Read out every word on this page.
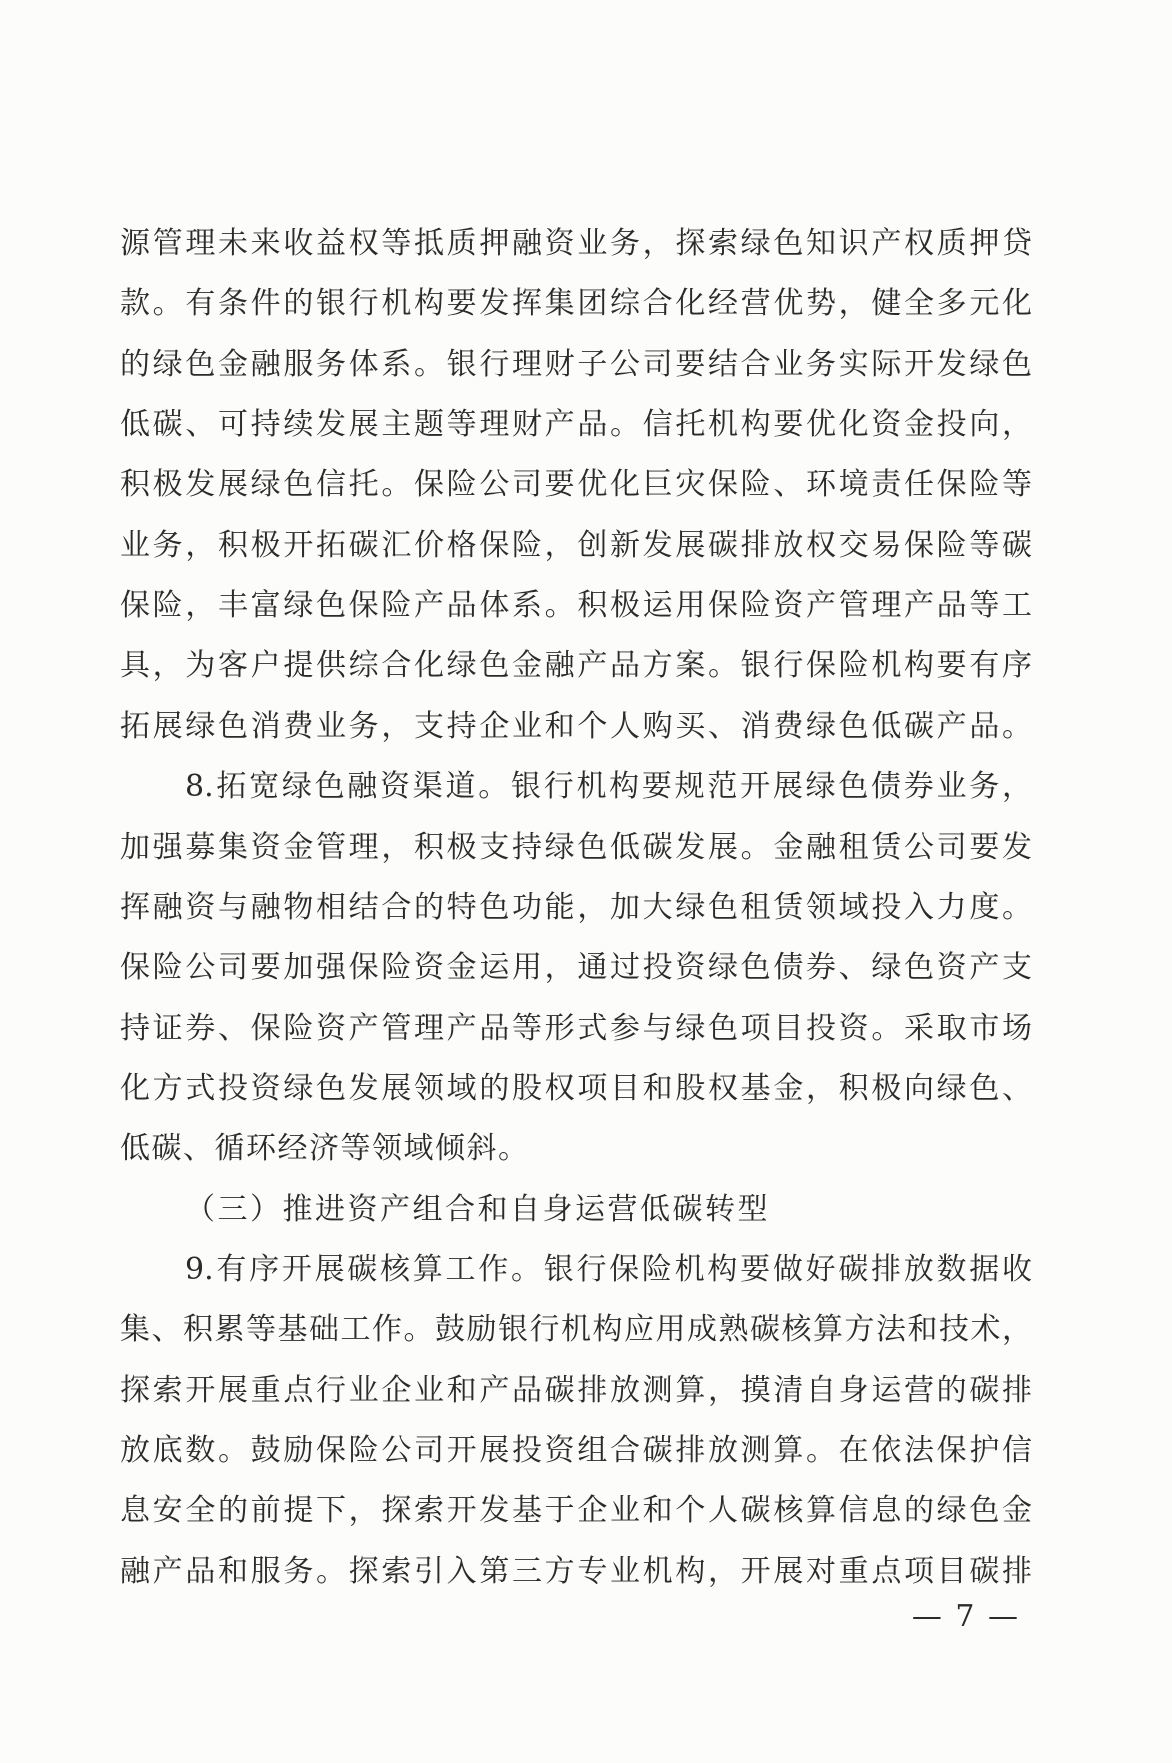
源管理未来收益权等抵质押融资业务，探索绿色知识产权质押贷
款。有条件的银行机构要发挥集团综合化经营优势，健全多元化
的绿色金融服务体系。银行理财子公司要结合业务实际开发绿色
低碳、可持续发展主题等理财产品。信托机构要优化资金投向，
积极发展绿色信托。保险公司要优化巨灾保险、环境责任保险等
业务，积极开拓碳汇价格保险，创新发展碳排放权交易保险等碳
保险，丰富绿色保险产品体系。积极运用保险资产管理产品等工
具，为客户提供综合化绿色金融产品方案。银行保险机构要有序
拓展绿色消费业务，支持企业和个人购买、消费绿色低碳产品。
8.拓宽绿色融资渠道。银行机构要规范开展绿色债券业务，
加强募集资金管理，积极支持绿色低碳发展。金融租赁公司要发
挥融资与融物相结合的特色功能，加大绿色租赁领域投入力度。
保险公司要加强保险资金运用，通过投资绿色债券、绿色资产支
持证券、保险资产管理产品等形式参与绿色项目投资。采取市场
化方式投资绿色发展领域的股权项目和股权基金，积极向绿色、
低碳、循环经济等领域倾斜。
（三）推进资产组合和自身运营低碳转型
9.有序开展碳核算工作。银行保险机构要做好碳排放数据收
集、积累等基础工作。鼓励银行机构应用成熟碳核算方法和技术，
探索开展重点行业企业和产品碳排放测算，摸清自身运营的碳排
放底数。鼓励保险公司开展投资组合碳排放测算。在依法保护信
息安全的前提下，探索开发基于企业和个人碳核算信息的绿色金
融产品和服务。探索引入第三方专业机构，开展对重点项目碳排
— 7 —
